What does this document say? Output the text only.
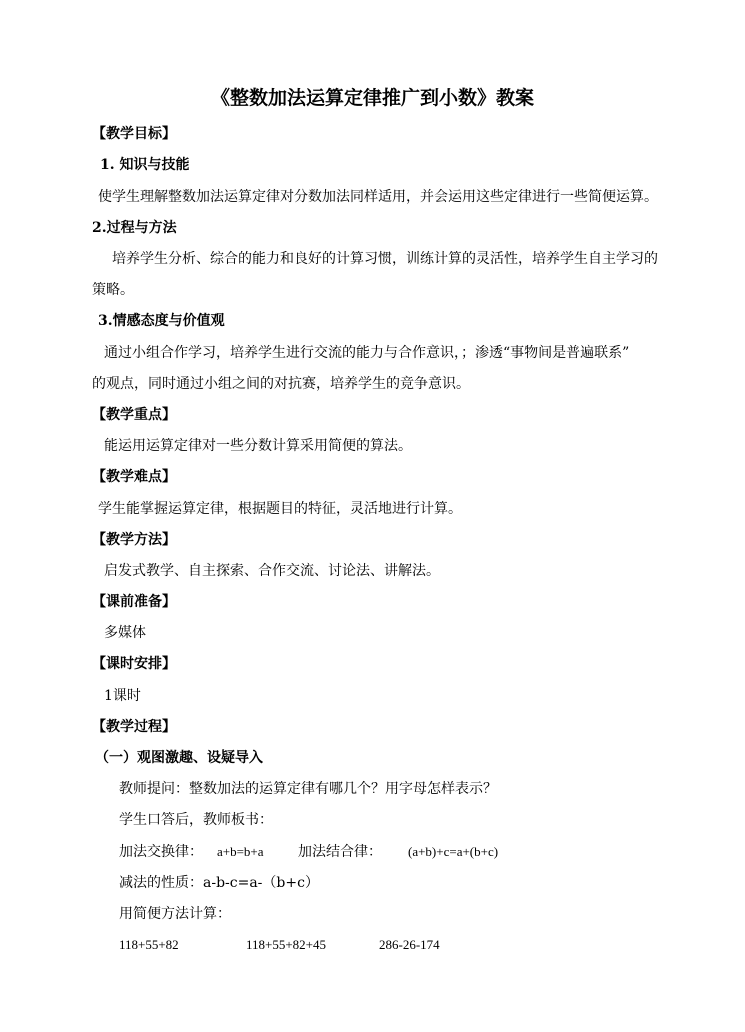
《整数加法运算定律推广到小数》教案
【教学目标】
1. 知识与技能
使学生理解整数加法运算定律对分数加法同样适用，并会运用这些定律进行一些简便运算。
2.过程与方法
培养学生分析、综合的能力和良好的计算习惯，训练计算的灵活性，培养学生自主学习的
策略。
3.情感态度与价值观
通过小组合作学习，培养学生进行交流的能力与合作意识，；渗透“事物间是普遍联系”
的观点，同时通过小组之间的对抗赛，培养学生的竞争意识。
【教学重点】
能运用运算定律对一些分数计算采用简便的算法。
【教学难点】
学生能掌握运算定律，根据题目的特征，灵活地进行计算。
【教学方法】
启发式教学、自主探索、合作交流、讨论法、讲解法。
【课前准备】
多媒体
【课时安排】
1课时
【教学过程】
（一）观图激趣、设疑导入
教师提问：整数加法的运算定律有哪几个？用字母怎样表示？
学生口答后，教师板书：
加法交换律： a+b=b+a 加法结合律： (a+b)+c=a+(b+c)
减法的性质：a-b-c=a-（b+c）
用简便方法计算：
118+55+82	118+55+82+45	286-26-174
